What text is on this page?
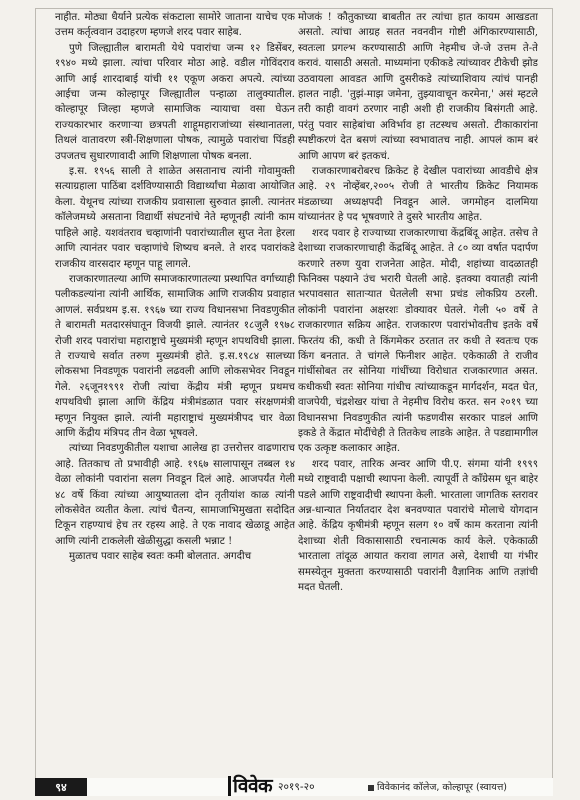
नाहीत. मोठ्या धैर्याने प्रत्येक संकटाला सामोरे जाताना याचेच एक उत्तम कर्तृत्ववान उदाहरण म्हणजे शरद पवार साहेब.

पुणे जिल्ह्यातील बारामती येथे पवारांचा जन्म १२ डिसेंबर, १९४० मध्ये झाला. त्यांचा परिवार मोठा आहे. वडील गोविंदराव आणि आई शारदाबाई यांची ११ एकूण अकरा अपत्ये. त्यांच्या आईचा जन्म कोल्हापूर जिल्ह्यातील पन्हाळा तालुक्यातील. कोल्हापूर जिल्हा म्हणजे सामाजिक न्यायाचा वसा घेऊन राज्यकारभार करणाऱ्या छत्रपती शाहूमहाराजांच्या संस्थानातला, तिथलं वातावरण स्त्री-शिक्षणाला पोषक, त्यामुळे पवारांचा पिंडही उपजतच सुधारणावादी आणि शिक्षणाला पोषक बनला.

इ.स. १९५६ साली ते शाळेत असतानाच त्यांनी गोवामुक्ती सत्याग्रहाला पाठिंबा दर्शविण्यासाठी विद्यार्थ्यांचा मेळावा आयोजित केला. येथूनच त्यांच्या राजकीय प्रवासाला सुरुवात झाली. त्यानंतर कॉलेजमध्ये असताना विद्यार्थी संघटनांचे नेते म्हणूनही त्यांनी काम पाहिले आहे. यशवंतराव चव्हाणांनी पवारांच्यातील सुप्त नेता हेरला आणि त्यानंतर पवार चव्हाणांचे शिष्यच बनले. ते शरद पवारांकडे राजकीय वारसदार म्हणून पाहू लागले.

राजकारणातल्या आणि समाजकारणातल्या प्रस्थापित वर्गाच्याही पलीकडल्यांना त्यांनी आर्थिक, सामाजिक आणि राजकीय प्रवाहात आणलं. सर्वप्रथम इ.स. १९६७ च्या राज्य विधानसभा निवडणुकीत ते बारामती मतदारसंघातून विजयी झाले. त्यानंतर १८जुलै १९७८ रोजी शरद पवारांचा महाराष्ट्राचे मुख्यमंत्री म्हणून शपथविधी झाला. ते राज्याचे सर्वात तरुण मुख्यमंत्री होते. इ.स.१९८४ सालच्या लोकसभा निवडणूक पवारांनी लढवली आणि लोकसभेवर निवडून गेले. २६जून१९९१ रोजी त्यांचा केंद्रीय मंत्री म्हणून प्रथमच शपथविधी झाला आणि केंद्रिय मंत्रीमंडळात पवार संरक्षणमंत्री म्हणून नियुक्त झाले. त्यांनी महाराष्ट्राचं मुख्यमंत्रीपद चार वेळा आणि केंद्रीय मंत्रिपद तीन वेळा भूषवले.

त्यांच्या निवडणुकीतील यशाचा आलेख हा उत्तरोत्तर वाढणाराच आहे. तितकाच तो प्रभावीही आहे. १९६७ सालापासून तब्बल १४ वेळा लोकांनी पवारांना सलग निवडून दिलं आहे. आजपर्यंत गेली ४८ वर्षे किंवा त्यांच्या आयुष्यातला दोन तृतीयांश काळ त्यांनी लोकसेवेत व्यतीत केला. त्यांचं चैतन्य, सामाजाभिमुखता सदोदित टिकून राहण्याचं हेच तर रहस्य आहे. ते एक नावाद खेळाडू आहेत आणि त्यांनी टाकलेली खेळीसुद्धा कसली भन्नाट !

मुळातच पवार साहेब स्वतः कमी बोलतात. अगदीच

मोजकं ! कौतुकाच्या बाबतीत तर त्यांचा हात कायम आखडता असतो. त्यांचा आग्रह सतत नवनवीन गोष्टी अंगिकारण्यासाठी, स्वतःला प्रगल्भ करण्यासाठी आणि नेहमीच जे-जे उत्तम ते-ते करावं. यासाठी असतो. माध्यमांना एकीकडे त्यांच्यावर टीकेची झोड उठवायला आवडत आणि दुसरीकडे त्यांच्याशिवाय त्यांचं पानही हालत नाही. 'तुझं-माझ जमेना, तुझ्यावाचून करमेना,' असं म्हटले तरी काही वावगं ठरणार नाही अशी ही राजकीय बिसंगती आहे. परंतु पवार साहेबांचा अविर्भाव हा तटस्थच असतो. टीकाकारांना स्पष्टीकरणं देत बसणं त्यांच्या स्वभावातच नाही. आपलं काम बरं आणि आपण बरं इतकचं.

राजकारणाबरोबरच क्रिकेट हे देखील पवारांच्या आवडीचे क्षेत्र आहे. २९ नोव्हेंबर,२००५ रोजी ते भारतीय क्रिकेट नियामक मंडळाच्या अध्यक्षपदी निवडून आले. जगमोहन दालमिया यांच्यानंतर हे पद भूषवणारे ते दुसरे भारतीय आहेत.

शरद पवार हे राज्याच्या राजकारणाचा केंद्रबिंदू आहेत. तसेच ते देशाच्या राजकारणाचाही केंद्रबिंदू आहेत. ते ८० व्या वर्षात पदार्पण करणारे तरुण युवा राजनेता आहेत. मोदी, शहांच्या वादळातही फिनिक्स पक्ष्याने उंच भरारी घेतली आहे. इतक्या वयातही त्यांनी भरपावसात सातार्‍यात घेतलेली सभा प्रचंड लोकप्रिय ठरली. लोकांनी पवारांना अक्षरशः डोक्यावर घेतले. गेली ५० वर्षे ते राजकारणात सक्रिय आहेत. राजकारण पवारांभोवतीच इतके वर्षे फिरतंय की, कधी ते किंगमेकर ठरतात तर कधी ते स्वतःच एक किंग बनतात. ते चांगले फिनीशर आहेत. एकेकाळी ते राजीव गांधींसोबत तर सोनिया गांधींच्या विरोधात राजकारणात असत. कधीकधी स्वतः सोनिया गांधीच त्यांच्याकडून मार्गदर्शन, मदत घेत, वाजपेयी, चंद्रशेखर यांचा ते नेहमीच विरोध करत. सन २०१९ च्या विधानसभा निवडणुकीत त्यांनी फडणवीस सरकार पाडलं आणि इकडे ते केंद्रात मोदींचेही ते तितकेच लाडके आहेत. ते पडद्यामागील एक उत्कृष्ट कलाकार आहेत.

शरद पवार, तारिक अन्वर आणि पी.ए. संगमा यांनी १९९९ मध्ये राष्ट्रवादी पक्षाची स्थापना केली. त्यापूर्वी ते काँग्रेसम धून बाहेर पडले आणि राष्ट्रवादीची स्थापना केली. भारताला जागतिक स्तरावर अन्न-धान्यात निर्यातदार देश बनवण्यात पवारांचे मोलाचे योगदान आहे. केंद्रिय कृषीमंत्री म्हणून सलग १० वर्षे काम करताना त्यांनी देशाच्या शेती विकासासाठी रचनात्मक कार्य केले. एकेकाळी भारताला तांदूळ आयात करावा लागत असे, देशाची या गंभीर समस्येतून मुक्तता करण्यासाठी पवारांनी वैज्ञानिक आणि तज्ञांची मदत घेतली.

९४	विवेक २०१९-२०	विवेकानंद कॉलेज, कोल्हापूर (स्वायत्त)
